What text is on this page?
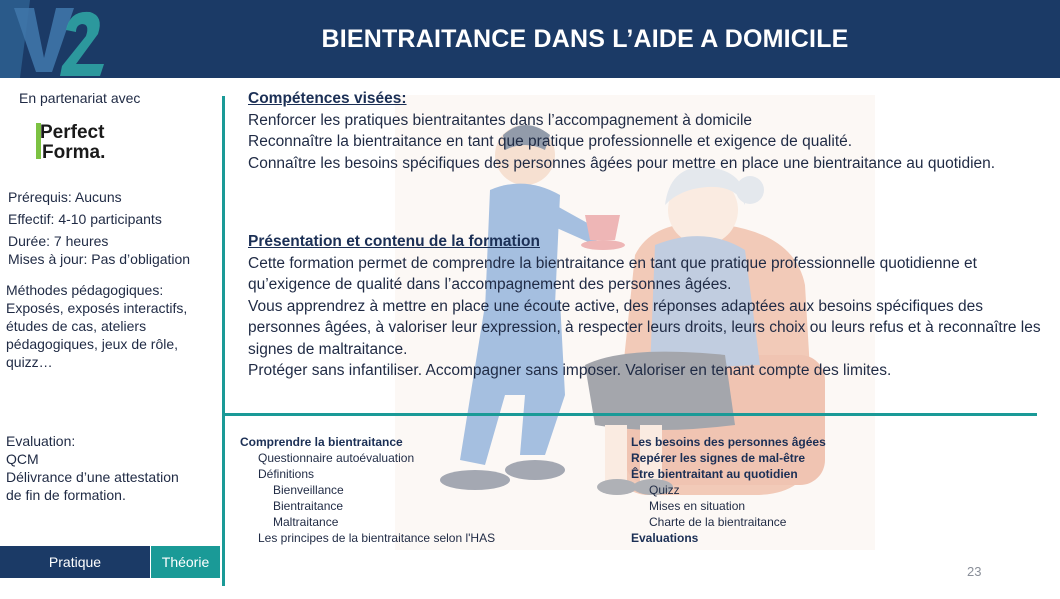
BIENTRAITANCE DANS L’AIDE A DOMICILE
En partenariat avec
Perfect
Forma.
Prérequis: Aucuns
Effectif: 4-10 participants
Durée: 7 heures
Mises à jour: Pas d’obligation
Méthodes pédagogiques:
Exposés, exposés interactifs,
études de cas, ateliers
pédagogiques, jeux de rôle,
quizz…
Evaluation:
QCM
Délivrance d’une attestation
de fin de formation.
Compétences visées:
Renforcer les pratiques bientraitantes dans l’accompagnement à domicile
Reconnaître la bientraitance en tant que pratique professionnelle et exigence de qualité.
Connaître les besoins spécifiques des personnes âgées pour mettre en place une bientraitance au quotidien.
Présentation et contenu de la formation
Cette formation permet de comprendre la bientraitance en tant que pratique professionnelle quotidienne et qu’exigence de qualité dans l’accompagnement des personnes âgées.
Vous apprendrez à mettre en place une écoute active, des réponses adaptées aux besoins spécifiques des personnes âgées, à valoriser leur expression, à respecter leurs droits, leurs choix ou leurs refus et à reconnaître les signes de maltraitance.
Protéger sans infantiliser. Accompagner sans imposer. Valoriser en tenant compte des limites.
Comprendre la bientraitance
Questionnaire autoévaluation
Définitions
Bienveillance
Bientraitance
Maltraitance
Les principes de la bientraitance selon l'HAS
Les besoins des personnes âgées
Repérer les signes de mal-être
Être bientraitant au quotidien
Quizz
Mises en situation
Charte de la bientraitance
Evaluations
Pratique	Théorie
23
